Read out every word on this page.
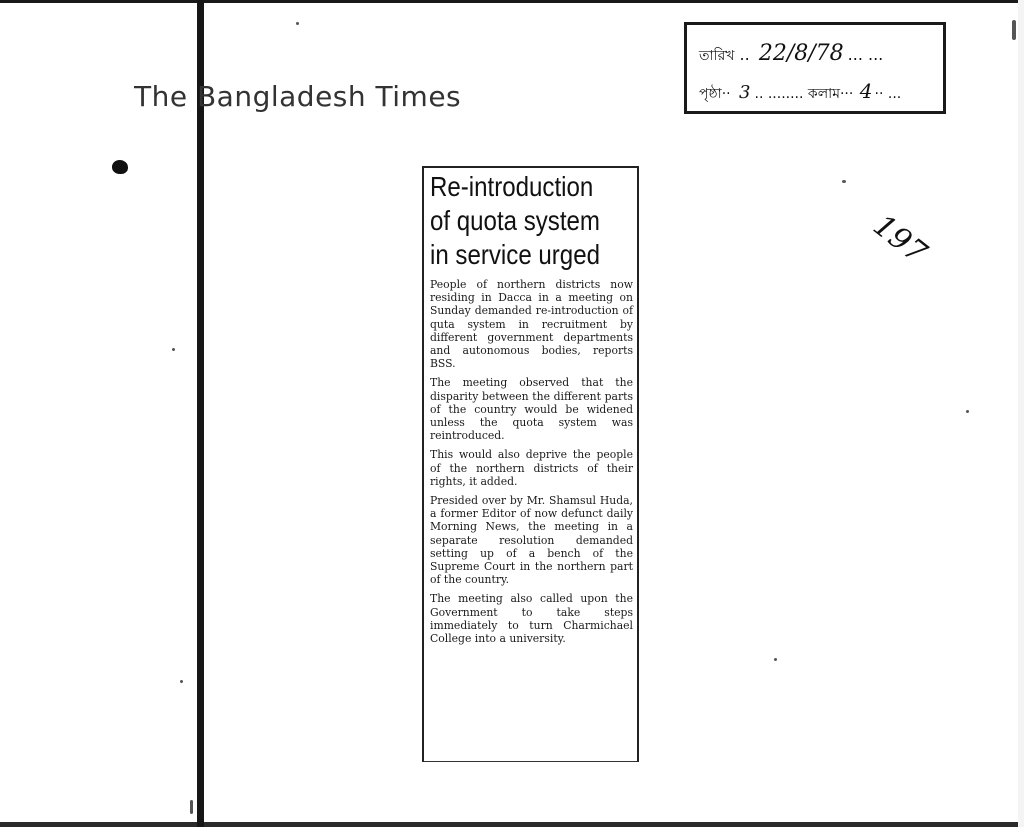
The Bangladesh Times
তারিখ .. 22/8/78 ... ...
পৃষ্ঠা·· 3 .. ........ কলাম··· 4 ·· ...
197
Re-introduction
of quota system
in service urged

People of northern districts now residing in Dacca in a meeting on Sunday demanded re-introduction of quta system in recruitment by different government departments and autonomous bodies, reports BSS.

The meeting observed that the disparity between the different parts of the country would be widened unless the quota system was reintroduced.

This would also deprive the people of the northern districts of their rights, it added.

Presided over by Mr. Shamsul Huda, a former Editor of now defunct daily Morning News, the meeting in a separate resolution demanded setting up of a bench of the Supreme Court in the northern part of the country.

The meeting also called upon the Government to take steps immediately to turn Charmichael College into a university.
